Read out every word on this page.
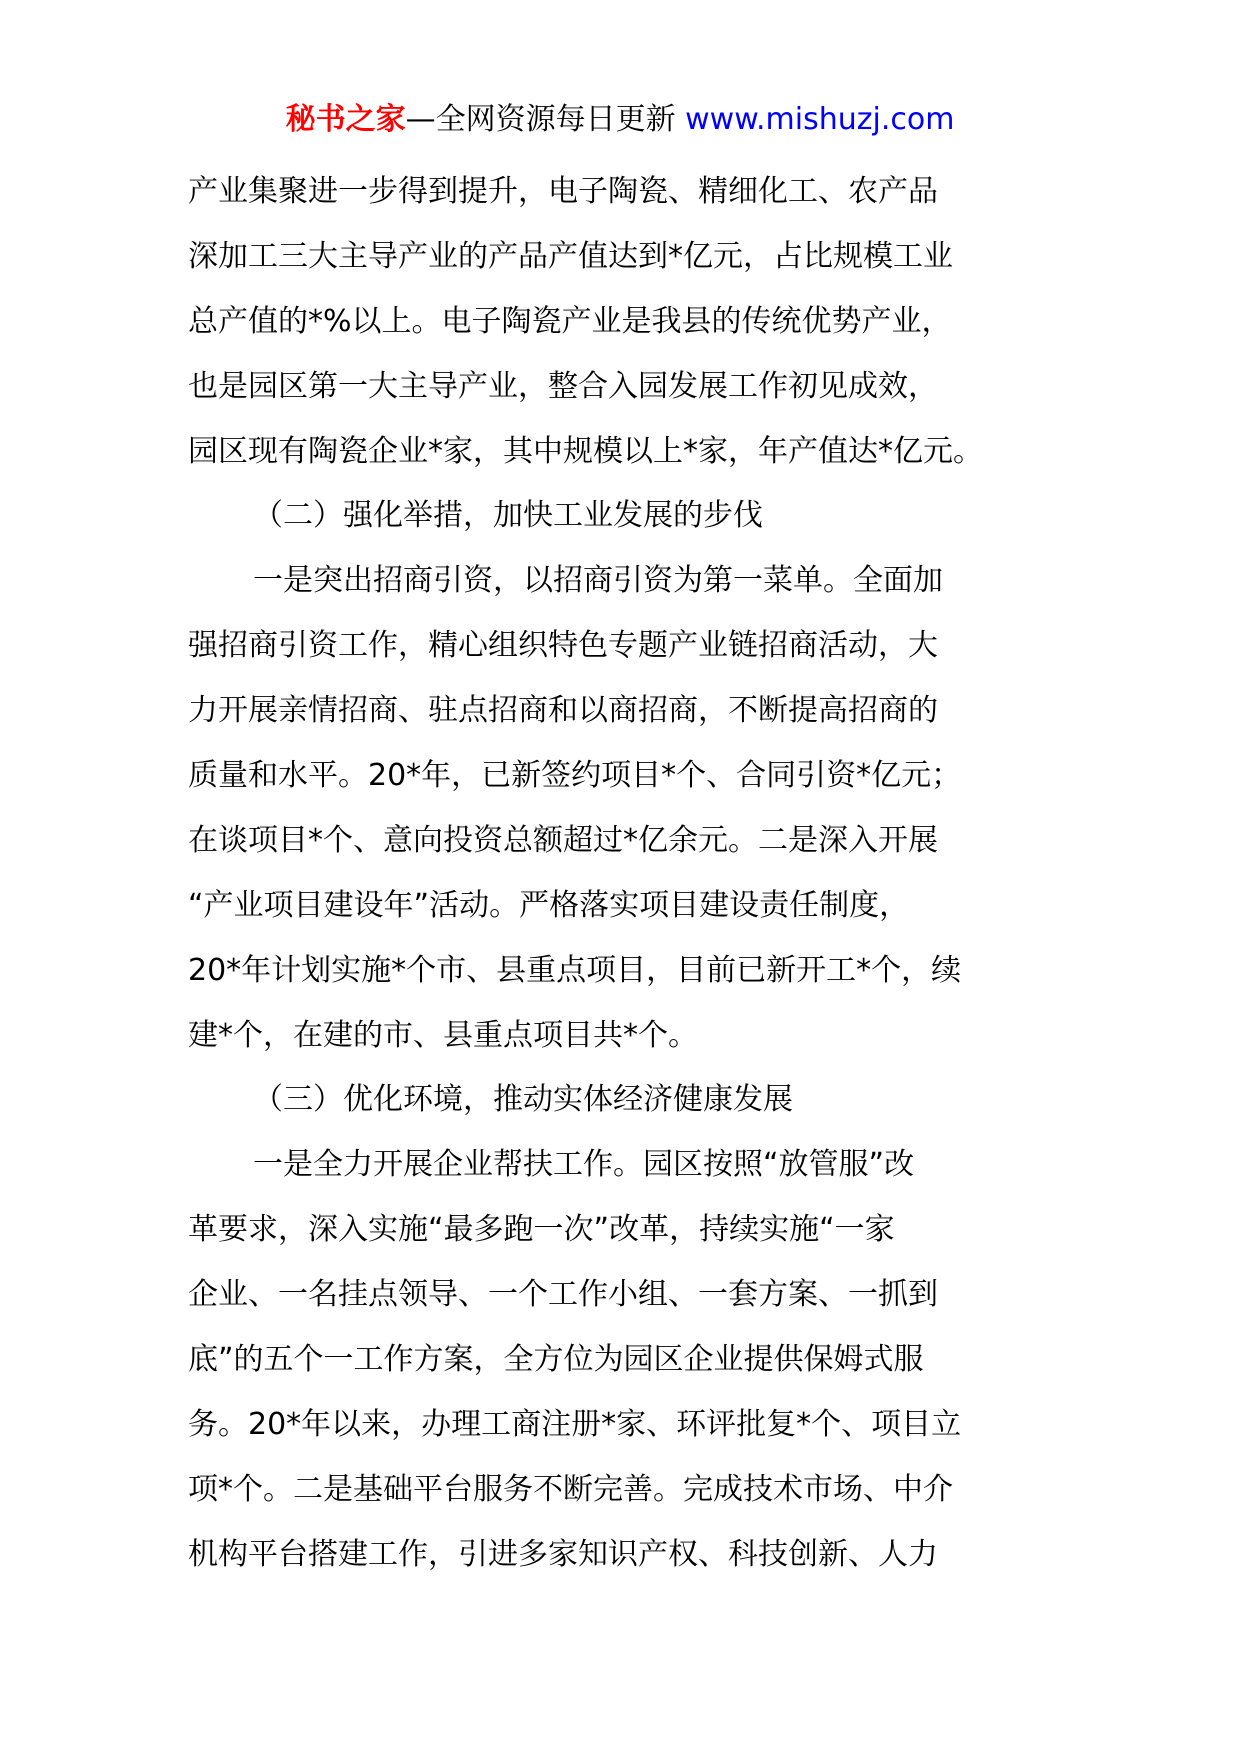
秘书之家—全网资源每日更新 www.mishuzj.com
产业集聚进一步得到提升，电子陶瓷、精细化工、农产品
深加工三大主导产业的产品产值达到*亿元，占比规模工业
总产值的*%以上。电子陶瓷产业是我县的传统优势产业，
也是园区第一大主导产业，整合入园发展工作初见成效，
园区现有陶瓷企业*家，其中规模以上*家，年产值达*亿元。
（二）强化举措，加快工业发展的步伐
一是突出招商引资，以招商引资为第一菜单。全面加
强招商引资工作，精心组织特色专题产业链招商活动，大
力开展亲情招商、驻点招商和以商招商，不断提高招商的
质量和水平。20*年，已新签约项目*个、合同引资*亿元；
在谈项目*个、意向投资总额超过*亿余元。二是深入开展
“产业项目建设年”活动。严格落实项目建设责任制度，
20*年计划实施*个市、县重点项目，目前已新开工*个，续
建*个，在建的市、县重点项目共*个。
（三）优化环境，推动实体经济健康发展
一是全力开展企业帮扶工作。园区按照“放管服”改
革要求，深入实施“最多跑一次”改革，持续实施“一家
企业、一名挂点领导、一个工作小组、一套方案、一抓到
底”的五个一工作方案，全方位为园区企业提供保姆式服
务。20*年以来，办理工商注册*家、环评批复*个、项目立
项*个。二是基础平台服务不断完善。完成技术市场、中介
机构平台搭建工作，引进多家知识产权、科技创新、人力
